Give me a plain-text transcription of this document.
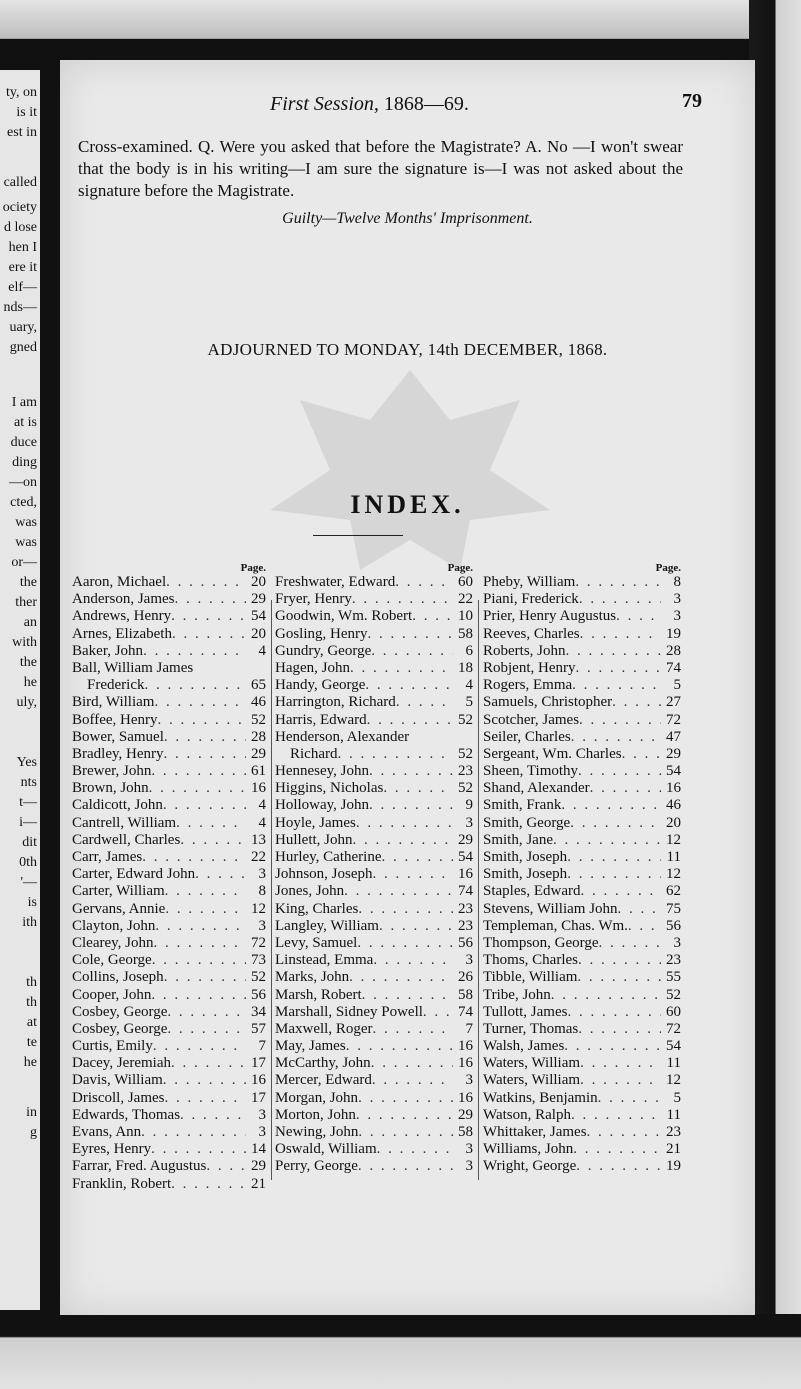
ty, on
is it
est in
called
ociety
d lose
hen I
ere it
elf—
nds—
uary,
gned
I am
at is
duce
ding
—on
cted,
was
was
or—
the
ther
an
with
the
he
uly,
Yes
nts
t—
i—
dit
0th
'—
is
ith
th
th
at
te
he
in
g
First Session, 1868—69.	79
Cross-examined. Q. Were you asked that before the Magistrate? A. No —I won't swear that the body is in his writing—I am sure the signature is—I was not asked about the signature before the Magistrate.
Guilty—Twelve Months' Imprisonment.
ADJOURNED TO MONDAY, 14th DECEMBER, 1868.
INDEX.
Page.
Aaron, Michael . . .	20
Anderson, James . . .	29
Andrews, Henry . . .	54
Arnes, Elizabeth . . .	20
Baker, John . . .	4
Ball, William James
Frederick . . .	65
Bird, William . . .	46
Boffee, Henry . . .	52
Bower, Samuel . . .	28
Bradley, Henry . . .	29
Brewer, John . . .	61
Brown, John . . .	16
Caldicott, John . . .	4
Cantrell, William . . .	4
Cardwell, Charles . . .	13
Carr, James . . .	22
Carter, Edward John . . .	3
Carter, William . . .	8
Gervans, Annie . . .	12
Clayton, John . . .	3
Clearey, John . . .	72
Cole, George . . .	73
Collins, Joseph . . .	52
Cooper, John . . .	56
Cosbey, George . . .	34
Cosbey, George . . .	57
Curtis, Emily . . .	7
Dacey, Jeremiah . . .	17
Davis, William . . .	16
Driscoll, James . . .	17
Edwards, Thomas . . .	3
Evans, Ann . . .	3
Eyres, Henry . . .	14
Farrar, Fred. Augustus . . .	29
Franklin, Robert . . .	21
Page.
Freshwater, Edward . . .	60
Fryer, Henry . . .	22
Goodwin, Wm. Robert . . .	10
Gosling, Henry . . .	58
Gundry, George . . .	6
Hagen, John . . .	18
Handy, George . . .	4
Harrington, Richard . . .	5
Harris, Edward . . .	52
Henderson, Alexander
Richard . . .	52
Hennesey, John . . .	23
Higgins, Nicholas . . .	52
Holloway, John . . .	9
Hoyle, James . . .	3
Hullett, John . . .	29
Hurley, Catherine . . .	54
Johnson, Joseph . . .	16
Jones, John . . .	74
King, Charles . . .	23
Langley, William . . .	23
Levy, Samuel . . .	56
Linstead, Emma . . .	3
Marks, John . . .	26
Marsh, Robert . . .	58
Marshall, Sidney Powell . . .	74
Maxwell, Roger . . .	7
May, James . . .	16
McCarthy, John . . .	16
Mercer, Edward . . .	3
Morgan, John . . .	16
Morton, John . . .	29
Newing, John . . .	58
Oswald, William . . .	3
Perry, George . . .	3
Page.
Pheby, William . . .	8
Piani, Frederick . . .	3
Prier, Henry Augustus . . .	3
Reeves, Charles . . .	19
Roberts, John . . .	28
Robjent, Henry . . .	74
Rogers, Emma . . .	5
Samuels, Christopher . . .	27
Scotcher, James . . .	72
Seiler, Charles . . .	47
Sergeant, Wm. Charles . . .	29
Sheen, Timothy . . .	54
Shand, Alexander . . .	16
Smith, Frank . . .	46
Smith, George . . .	20
Smith, Jane . . .	12
Smith, Joseph . . .	11
Smith, Joseph . . .	12
Staples, Edward . . .	62
Stevens, William John . . .	75
Templeman, Chas. Wm. . . .	56
Thompson, George . . .	3
Thoms, Charles . . .	23
Tibble, William . . .	55
Tribe, John . . .	52
Tullott, James . . .	60
Turner, Thomas . . .	72
Walsh, James . . .	54
Waters, William . . .	11
Waters, William . . .	12
Watkins, Benjamin . . .	5
Watson, Ralph . . .	11
Whittaker, James . . .	23
Williams, John . . .	21
Wright, George . . .	19
